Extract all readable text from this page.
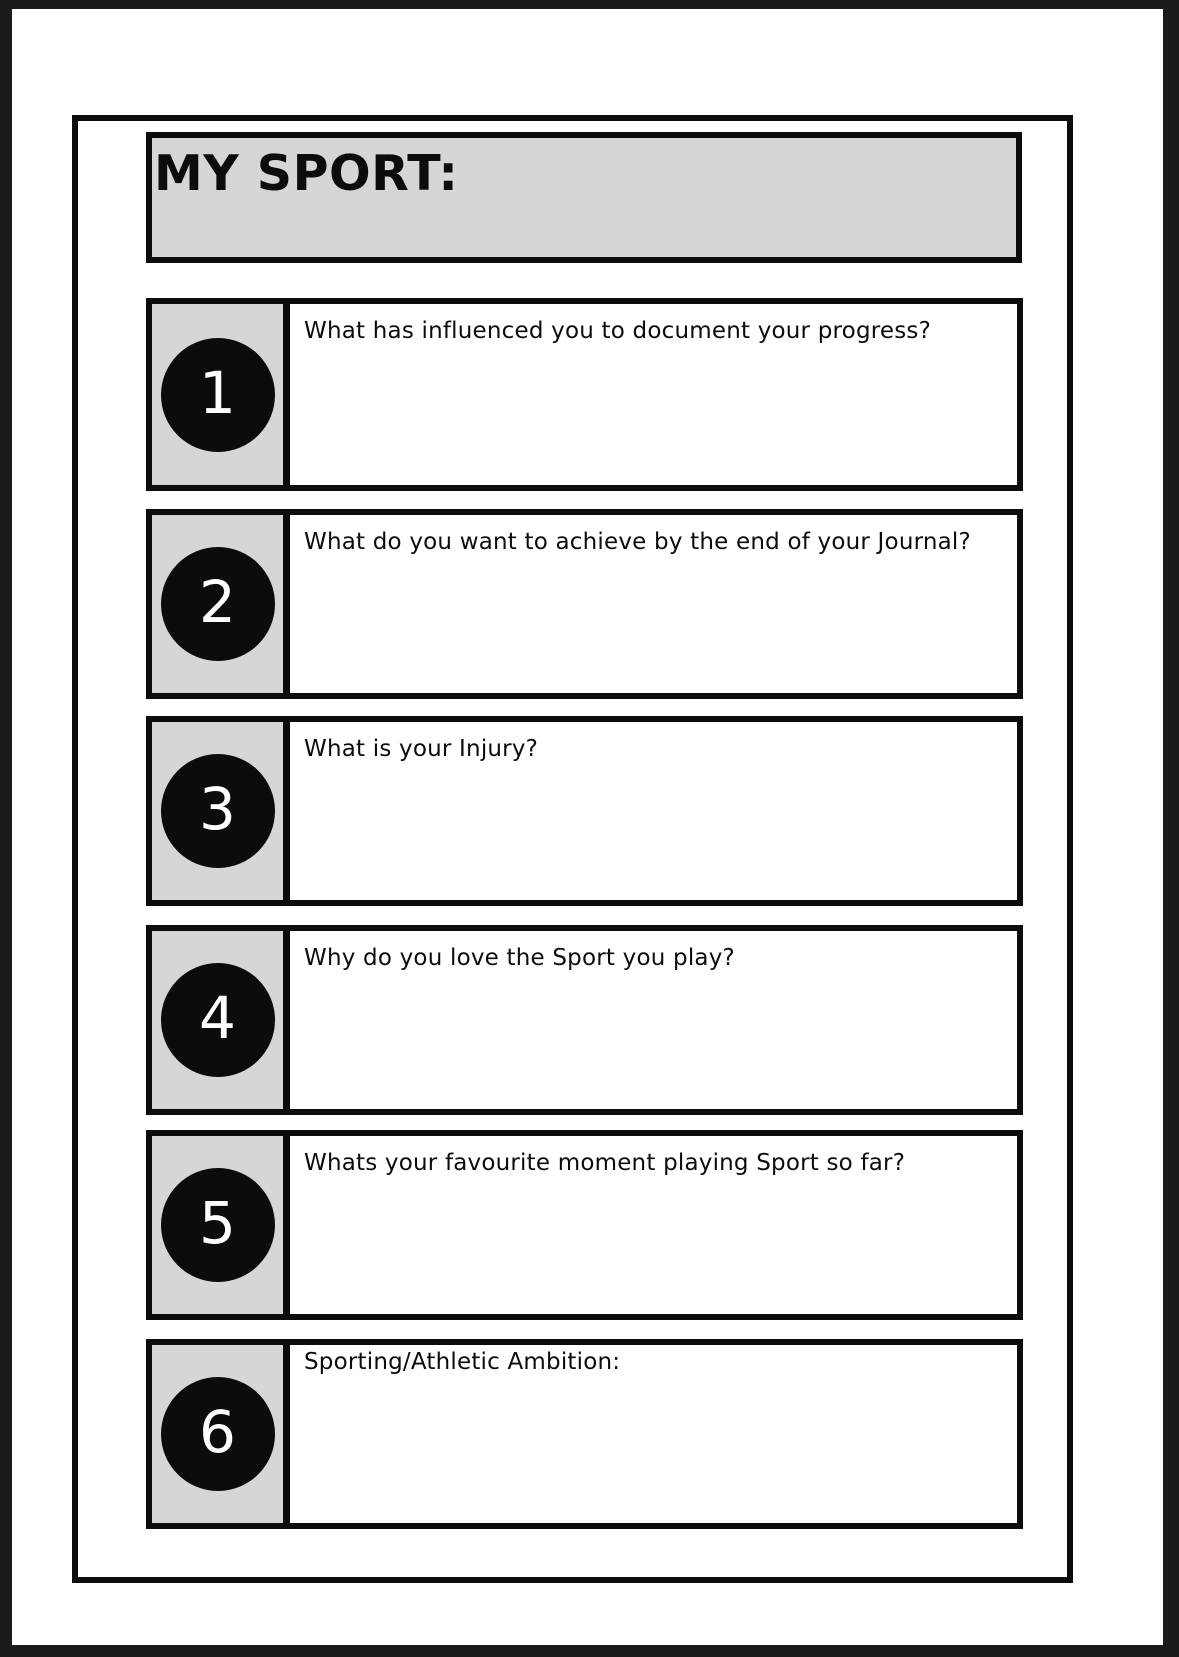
MY SPORT:
1
What has influenced you to document your progress?
2
What do you want to achieve by the end of your Journal?
3
What is your Injury?
4
Why do you love the Sport you play?
5
Whats your favourite moment playing Sport so far?
6
Sporting/Athletic Ambition:
